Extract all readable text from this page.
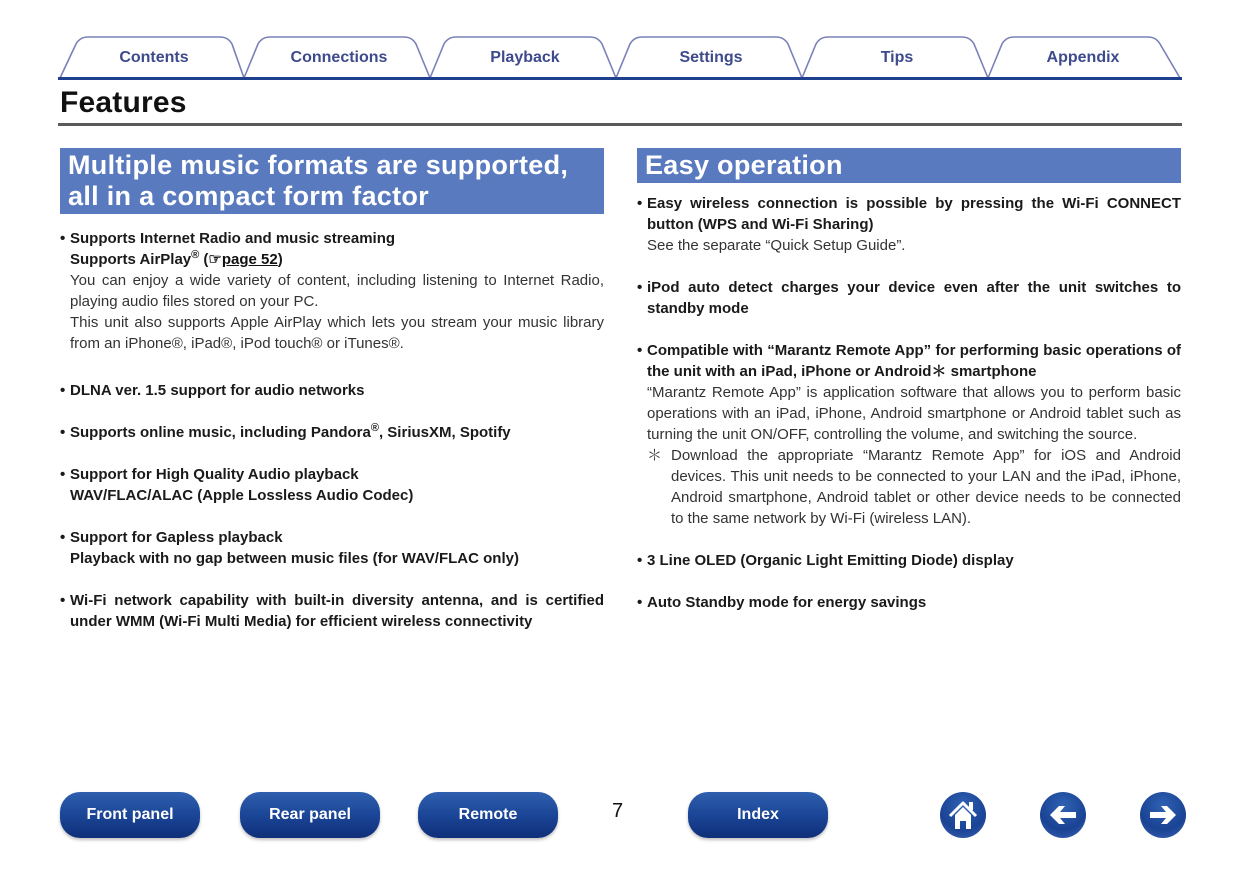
Contents	Connections	Playback	Settings	Tips	Appendix
Features
Multiple music formats are supported,
all in a compact form factor
• Supports Internet Radio and music streaming
Supports AirPlay® (☞page 52)
You can enjoy a wide variety of content, including listening to Internet Radio, playing audio files stored on your PC.
This unit also supports Apple AirPlay which lets you stream your music library from an iPhone®, iPad®, iPod touch® or iTunes®.
• DLNA ver. 1.5 support for audio networks
• Supports online music, including Pandora®, SiriusXM, Spotify
• Support for High Quality Audio playback
WAV/FLAC/ALAC (Apple Lossless Audio Codec)
• Support for Gapless playback
Playback with no gap between music files (for WAV/FLAC only)
• Wi-Fi network capability with built-in diversity antenna, and is certified under WMM (Wi-Fi Multi Media) for efficient wireless connectivity
Easy operation
• Easy wireless connection is possible by pressing the Wi-Fi CONNECT button (WPS and Wi-Fi Sharing)
See the separate “Quick Setup Guide”.
• iPod auto detect charges your device even after the unit switches to standby mode
• Compatible with “Marantz Remote App” for performing basic operations of the unit with an iPad, iPhone or Android＊ smartphone
“Marantz Remote App” is application software that allows you to perform basic operations with an iPad, iPhone, Android smartphone or Android tablet such as turning the unit ON/OFF, controlling the volume, and switching the source.
＊ Download the appropriate “Marantz Remote App” for iOS and Android devices. This unit needs to be connected to your LAN and the iPad, iPhone, Android smartphone, Android tablet or other device needs to be connected to the same network by Wi-Fi (wireless LAN).
• 3 Line OLED (Organic Light Emitting Diode) display
• Auto Standby mode for energy savings
Front panel	Rear panel	Remote	7	Index
